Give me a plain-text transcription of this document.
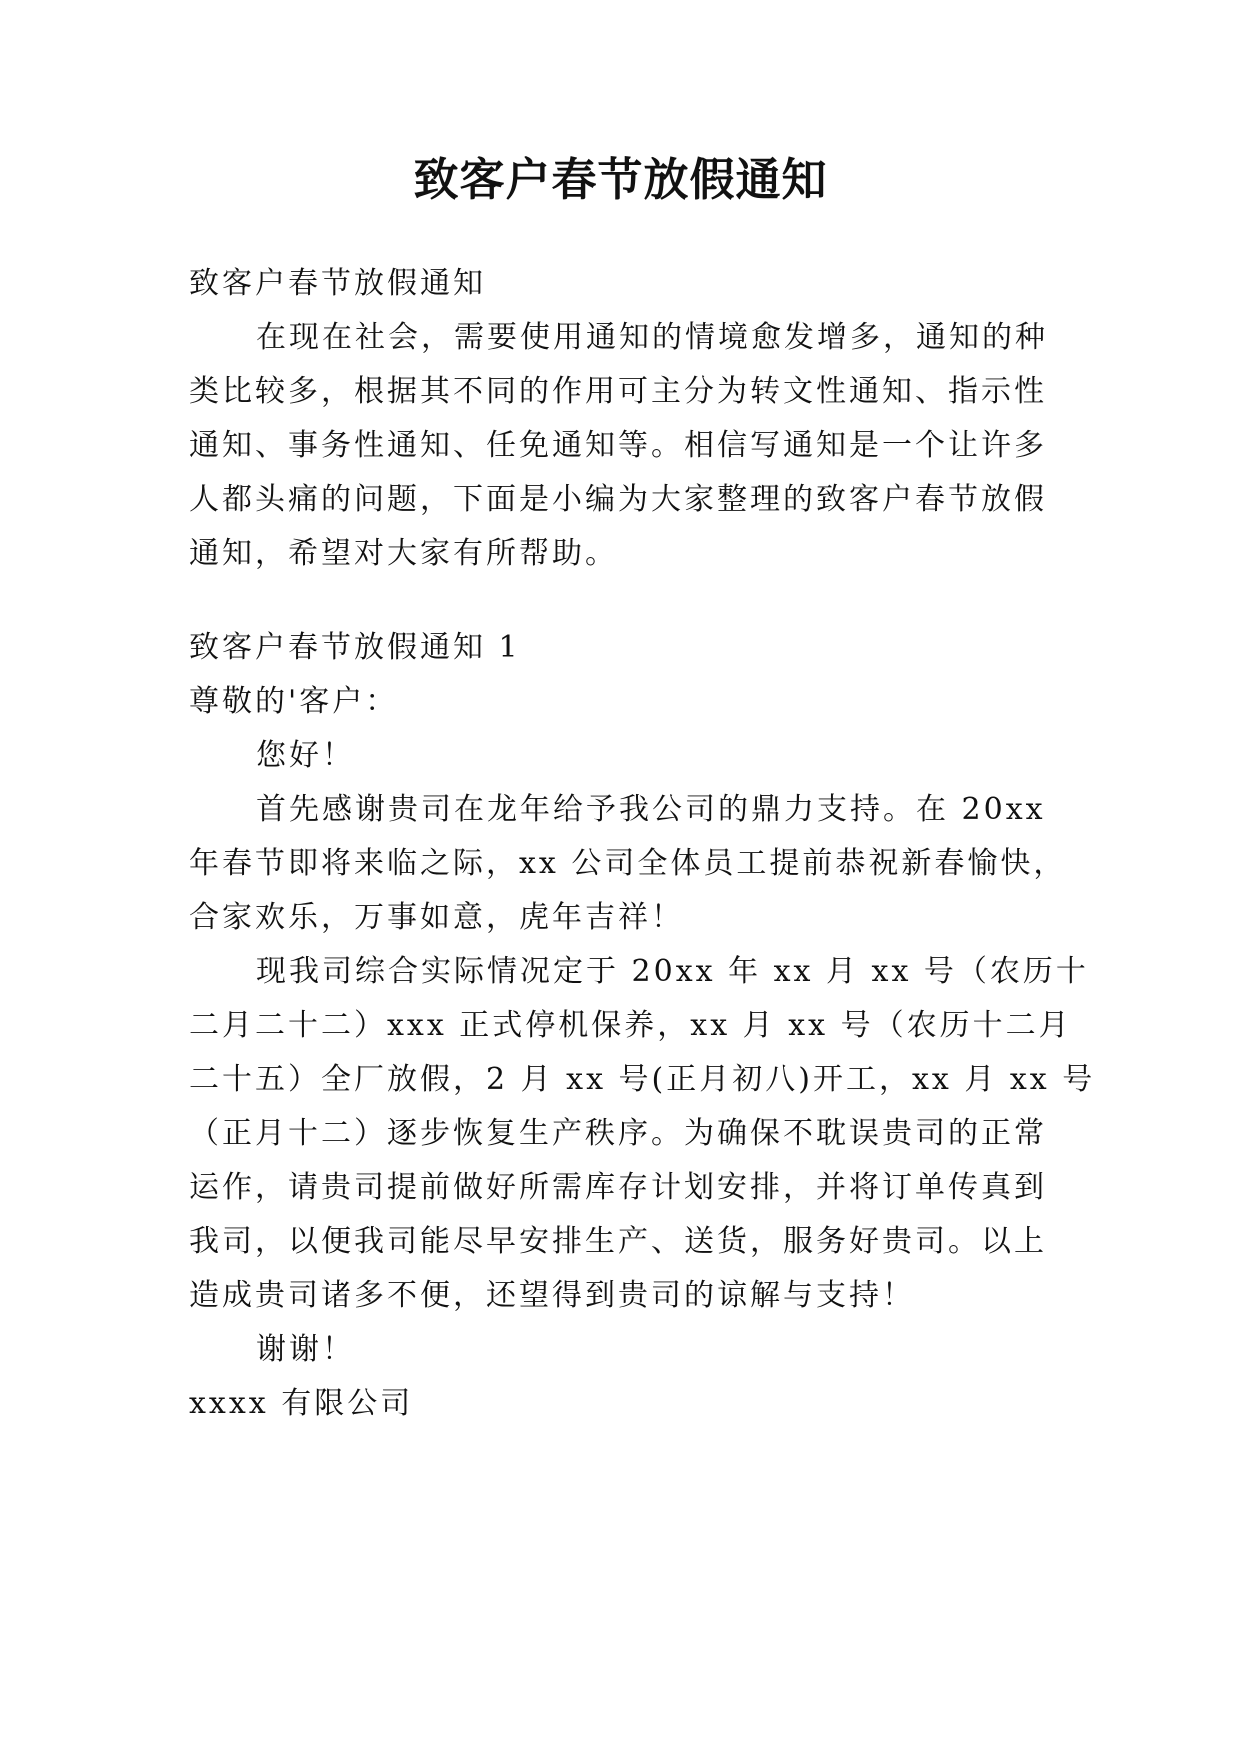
致客户春节放假通知
致客户春节放假通知
在现在社会，需要使用通知的情境愈发增多，通知的种
类比较多，根据其不同的作用可主分为转文性通知、指示性
通知、事务性通知、任免通知等。相信写通知是一个让许多
人都头痛的问题，下面是小编为大家整理的致客户春节放假
通知，希望对大家有所帮助。
致客户春节放假通知 1
尊敬的'客户：
您好！
首先感谢贵司在龙年给予我公司的鼎力支持。在 20xx
年春节即将来临之际，xx 公司全体员工提前恭祝新春愉快，
合家欢乐，万事如意，虎年吉祥！
现我司综合实际情况定于 20xx 年 xx 月 xx 号（农历十
二月二十二）xxx 正式停机保养，xx 月 xx 号（农历十二月
二十五）全厂放假，2 月 xx 号(正月初八)开工，xx 月 xx 号
（正月十二）逐步恢复生产秩序。为确保不耽误贵司的正常
运作，请贵司提前做好所需库存计划安排，并将订单传真到
我司，以便我司能尽早安排生产、送货，服务好贵司。以上
造成贵司诸多不便，还望得到贵司的谅解与支持！
谢谢！
xxxx 有限公司
